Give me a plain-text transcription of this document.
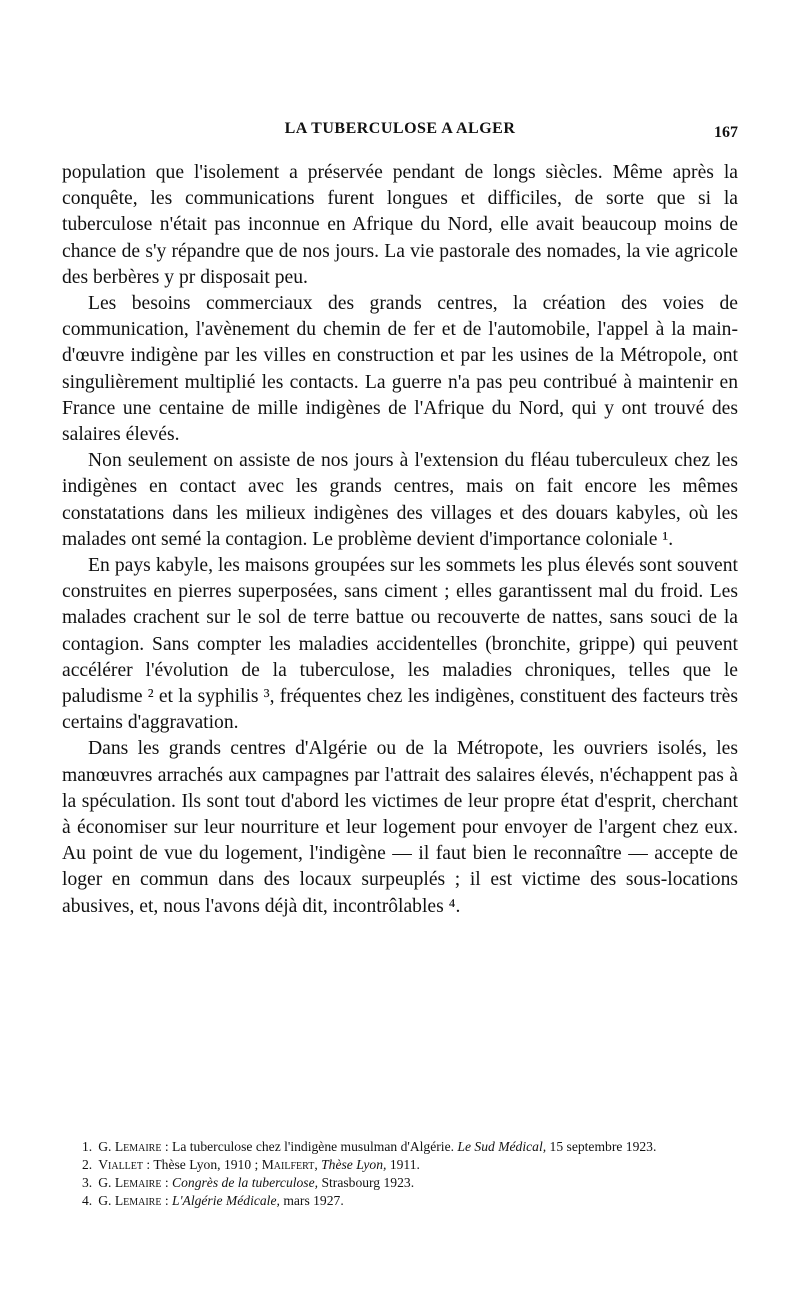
LA TUBERCULOSE A ALGER	167

population que l'isolement a préservée pendant de longs siècles. Même après la conquête, les communications furent longues et difficiles, de sorte que si la tuberculose n'était pas inconnue en Afrique du Nord, elle avait beaucoup moins de chance de s'y répandre que de nos jours. La vie pastorale des nomades, la vie agricole des berbères y pr disposait peu.

Les besoins commerciaux des grands centres, la création des voies de communication, l'avènement du chemin de fer et de l'automobile, l'appel à la main-d'œuvre indigène par les villes en construction et par les usines de la Métropole, ont singulièrement multiplié les contacts. La guerre n'a pas peu contribué à maintenir en France une centaine de mille indigènes de l'Afrique du Nord, qui y ont trouvé des salaires élevés.

Non seulement on assiste de nos jours à l'extension du fléau tuberculeux chez les indigènes en contact avec les grands centres, mais on fait encore les mêmes constatations dans les milieux indigènes des villages et des douars kabyles, où les malades ont semé la contagion. Le problème devient d'importance coloniale ¹.

En pays kabyle, les maisons groupées sur les sommets les plus élevés sont souvent construites en pierres superposées, sans ciment ; elles garantissent mal du froid. Les malades crachent sur le sol de terre battue ou recouverte de nattes, sans souci de la contagion. Sans compter les maladies accidentelles (bronchite, grippe) qui peuvent accélérer l'évolution de la tuberculose, les maladies chroniques, telles que le paludisme ² et la syphilis ³, fréquentes chez les indigènes, constituent des facteurs très certains d'aggravation.

Dans les grands centres d'Algérie ou de la Métropote, les ouvriers isolés, les manœuvres arrachés aux campagnes par l'attrait des salaires élevés, n'échappent pas à la spéculation. Ils sont tout d'abord les victimes de leur propre état d'esprit, cherchant à économiser sur leur nourriture et leur logement pour envoyer de l'argent chez eux. Au point de vue du logement, l'indigène — il faut bien le reconnaître — accepte de loger en commun dans des locaux surpeuplés ; il est victime des sous-locations abusives, et, nous l'avons déjà dit, incontrôlables ⁴.

1. G. Lemaire : La tuberculose chez l'indigène musulman d'Algérie. Le Sud Médical, 15 septembre 1923.

2. Viallet : Thèse Lyon, 1910 ; Mailfert, Thèse Lyon, 1911.

3. G. Lemaire : Congrès de la tuberculose, Strasbourg 1923.

4. G. Lemaire : L'Algérie Médicale, mars 1927.
